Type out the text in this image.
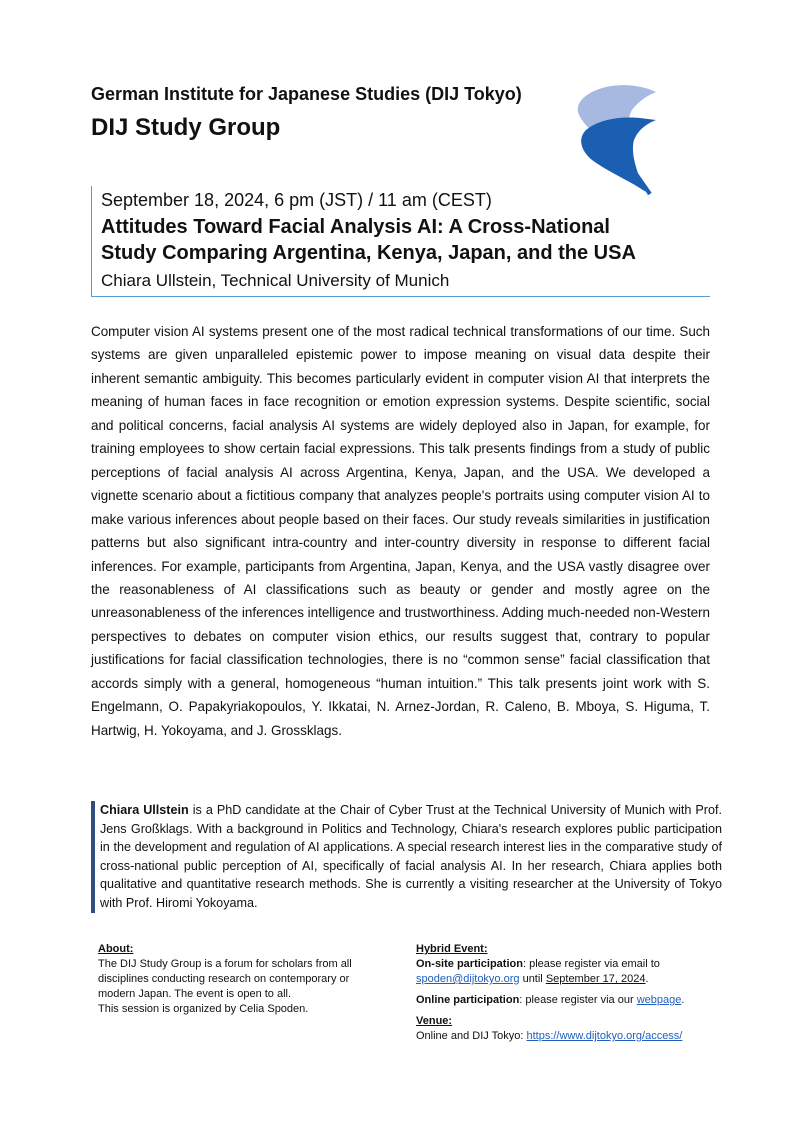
German Institute for Japanese Studies (DIJ Tokyo)
DIJ Study Group
September 18, 2024, 6 pm (JST) / 11 am (CEST)
Attitudes Toward Facial Analysis AI: A Cross-National
Study Comparing Argentina, Kenya, Japan, and the USA
Chiara Ullstein, Technical University of Munich

Computer vision AI systems present one of the most radical technical transformations of our time. Such systems are given unparalleled epistemic power to impose meaning on visual data despite their inherent semantic ambiguity. This becomes particularly evident in computer vision AI that interprets the meaning of human faces in face recognition or emotion expression systems. Despite scientific, social and political concerns, facial analysis AI systems are widely deployed also in Japan, for example, for training employees to show certain facial expressions. This talk presents findings from a study of public perceptions of facial analysis AI across Argentina, Kenya, Japan, and the USA. We developed a vignette scenario about a fictitious company that analyzes people's portraits using computer vision AI to make various inferences about people based on their faces. Our study reveals similarities in justification patterns but also significant intra-country and inter-country diversity in response to different facial inferences. For example, participants from Argentina, Japan, Kenya, and the USA vastly disagree over the reasonableness of AI classifications such as beauty or gender and mostly agree on the unreasonableness of the inferences intelligence and trustworthiness. Adding much-needed non-Western perspectives to debates on computer vision ethics, our results suggest that, contrary to popular justifications for facial classification technologies, there is no “common sense” facial classification that accords simply with a general, homogeneous “human intuition.” This talk presents joint work with S. Engelmann, O. Papakyriakopoulos, Y. Ikkatai, N. Arnez-Jordan, R. Caleno, B. Mboya, S. Higuma, T. Hartwig, H. Yokoyama, and J. Grossklags.

Chiara Ullstein is a PhD candidate at the Chair of Cyber Trust at the Technical University of Munich with Prof. Jens Großklags. With a background in Politics and Technology, Chiara's research explores public participation in the development and regulation of AI applications. A special research interest lies in the comparative study of cross-national public perception of AI, specifically of facial analysis AI. In her research, Chiara applies both qualitative and quantitative research methods. She is currently a visiting researcher at the University of Tokyo with Prof. Hiromi Yokoyama.

About:

The DIJ Study Group is a forum for scholars from all disciplines conducting research on contemporary or modern Japan. The event is open to all.

This session is organized by Celia Spoden.

Hybrid Event:

On-site participation: please register via email to
spoden@dijtokyo.org until September 17, 2024.

Online participation: please register via our webpage.

Venue:

Online and DIJ Tokyo: https://www.dijtokyo.org/access/
